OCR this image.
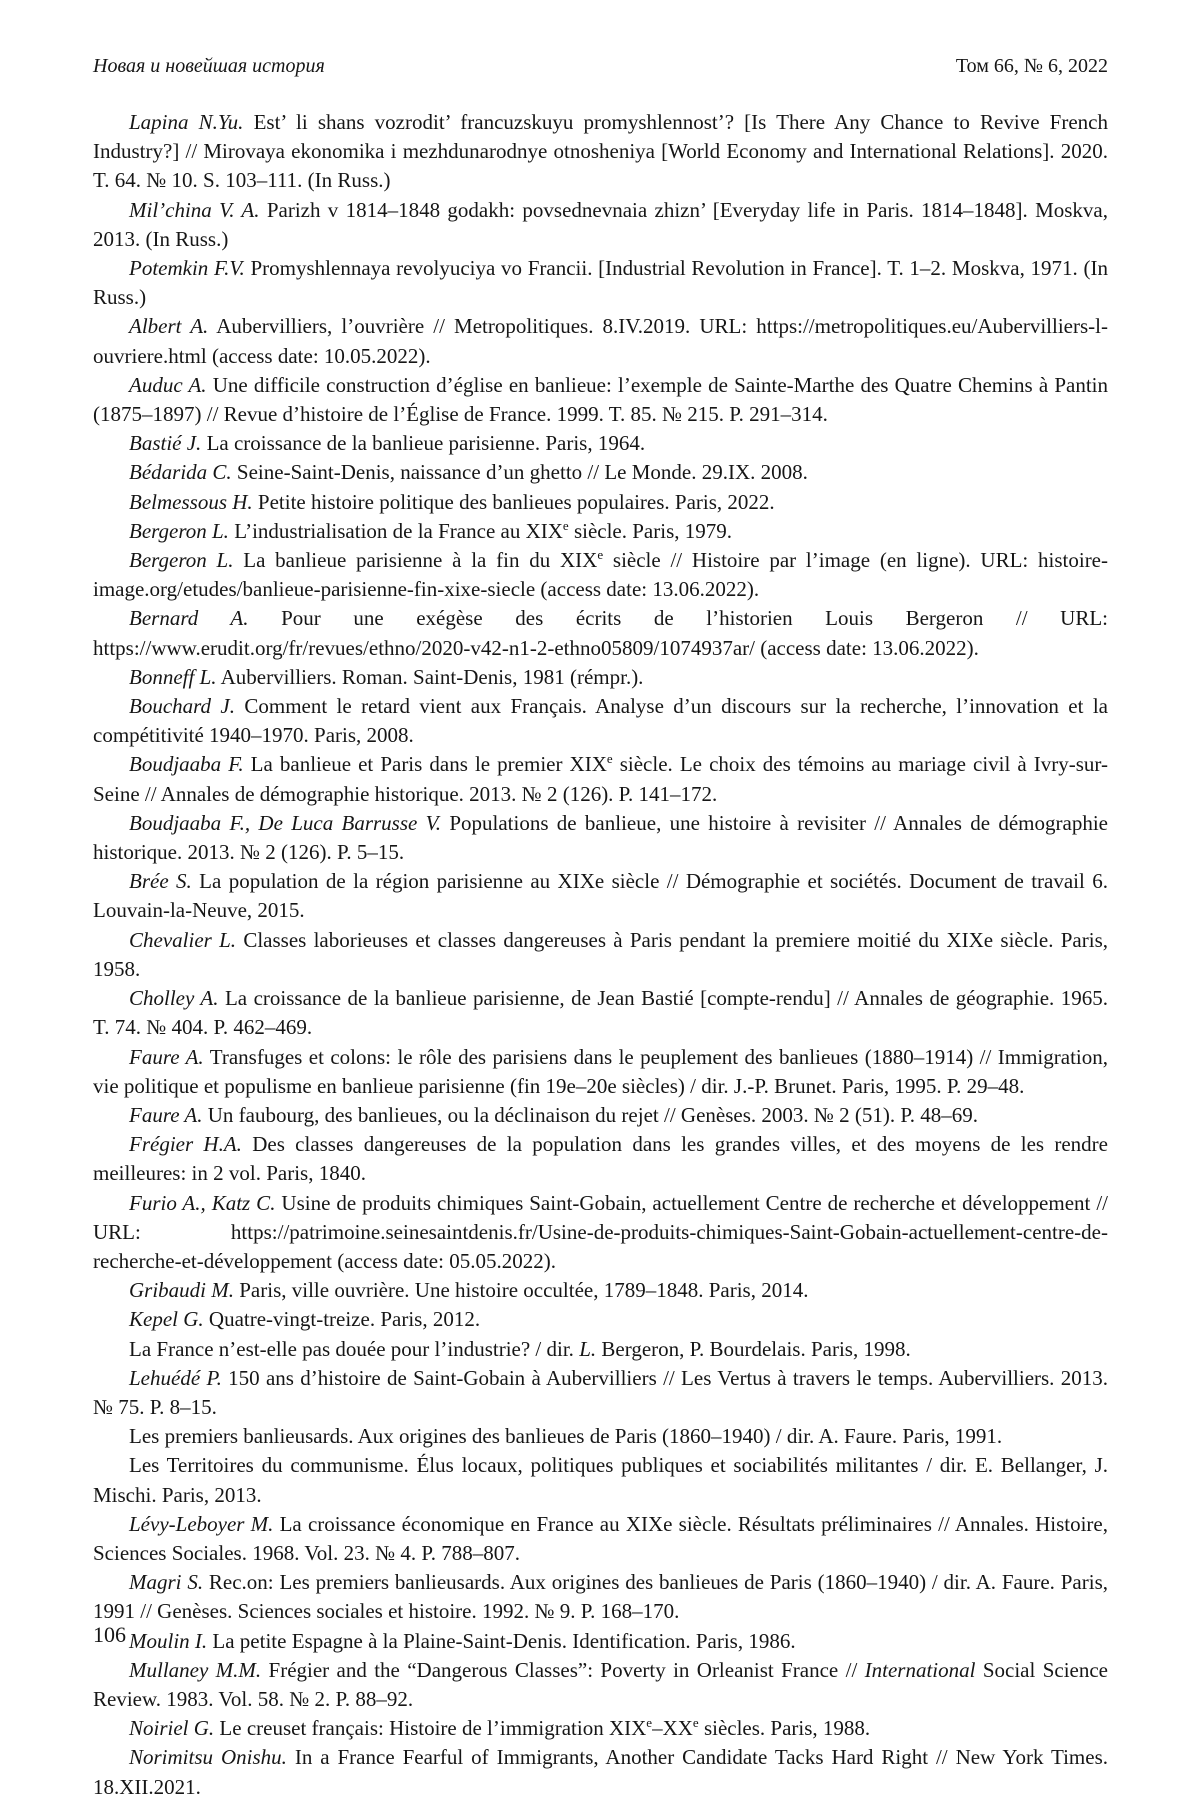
Новая и новейшая история	Том 66, № 6, 2022

Lapina N.Yu. Est’ li shans vozrodit’ francuzskuyu promyshlennost’? [Is There Any Chance to Revive French Industry?] // Mirovaya ekonomika i mezhdunarodnye otnosheniya [World Economy and International Relations]. 2020. T. 64. № 10. S. 103–111. (In Russ.)

Mil’china V. A. Parizh v 1814–1848 godakh: povsednevnaia zhizn’ [Everyday life in Paris. 1814–1848]. Moskva, 2013. (In Russ.)

Potemkin F.V. Promyshlennaya revolyuciya vo Francii. [Industrial Revolution in France]. T. 1–2. Moskva, 1971. (In Russ.)

Albert A. Aubervilliers, l’ouvrière // Metropolitiques. 8.IV.2019. URL: https://metropolitiques.eu/Aubervilliers-l-ouvriere.html (access date: 10.05.2022).

Auduc A. Une difficile construction d’église en banlieue: l’exemple de Sainte-Marthe des Quatre Chemins à Pantin (1875–1897) // Revue d’histoire de l’Église de France. 1999. T. 85. № 215. P. 291–314.

Bastié J. La croissance de la banlieue parisienne. Paris, 1964.

Bédarida C. Seine-Saint-Denis, naissance d’un ghetto // Le Monde. 29.IX. 2008.

Belmessous H. Petite histoire politique des banlieues populaires. Paris, 2022.

Bergeron L. L’industrialisation de la France au XIXe siècle. Paris, 1979.

Bergeron L. La banlieue parisienne à la fin du XIXe siècle // Histoire par l’image (en ligne). URL: histoire-image.org/etudes/banlieue-parisienne-fin-xixe-siecle (access date: 13.06.2022).

Bernard A. Pour une exégèse des écrits de l’historien Louis Bergeron // URL: https://www.erudit.org/fr/revues/ethno/2020-v42-n1-2-ethno05809/1074937ar/ (access date: 13.06.2022).

Bonneff L. Aubervilliers. Roman. Saint-Denis, 1981 (rémpr.).

Bouchard J. Comment le retard vient aux Français. Analyse d’un discours sur la recherche, l’innovation et la compétitivité 1940–1970. Paris, 2008.

Boudjaaba F. La banlieue et Paris dans le premier XIXe siècle. Le choix des témoins au mariage civil à Ivry-sur-Seine // Annales de démographie historique. 2013. № 2 (126). P. 141–172.

Boudjaaba F., De Luca Barrusse V. Populations de banlieue, une histoire à revisiter // Annales de démographie historique. 2013. № 2 (126). P. 5–15.

Brée S. La population de la région parisienne au XIXe siècle // Démographie et sociétés. Document de travail 6. Louvain-la-Neuve, 2015.

Chevalier L. Classes laborieuses et classes dangereuses à Paris pendant la premiere moitié du XIXe siècle. Paris, 1958.

Cholley A. La croissance de la banlieue parisienne, de Jean Bastié [compte-rendu] // Annales de géographie. 1965. T. 74. № 404. P. 462–469.

Faure A. Transfuges et colons: le rôle des parisiens dans le peuplement des banlieues (1880–1914) // Immigration, vie politique et populisme en banlieue parisienne (fin 19e–20e siècles) / dir. J.-P. Brunet. Paris, 1995. P. 29–48.

Faure A. Un faubourg, des banlieues, ou la déclinaison du rejet // Genèses. 2003. № 2 (51). P. 48–69.

Frégier H.A. Des classes dangereuses de la population dans les grandes villes, et des moyens de les rendre meilleures: in 2 vol. Paris, 1840.

Furio A., Katz C. Usine de produits chimiques Saint-Gobain, actuellement Centre de recherche et développement // URL: https://patrimoine.seinesaintdenis.fr/Usine-de-produits-chimiques-Saint-Gobain-actuellement-centre-de-recherche-et-développement (access date: 05.05.2022).

Gribaudi M. Paris, ville ouvrière. Une histoire occultée, 1789–1848. Paris, 2014.

Kepel G. Quatre-vingt-treize. Paris, 2012.

La France n’est-elle pas douée pour l’industrie? / dir. L. Bergeron, P. Bourdelais. Paris, 1998.

Lehuédé P. 150 ans d’histoire de Saint-Gobain à Aubervilliers // Les Vertus à travers le temps. Aubervilliers. 2013. № 75. P. 8–15.

Les premiers banlieusards. Aux origines des banlieues de Paris (1860–1940) / dir. A. Faure. Paris, 1991.

Les Territoires du communisme. Élus locaux, politiques publiques et sociabilités militantes / dir. E. Bellanger, J. Mischi. Paris, 2013.

Lévy-Leboyer M. La croissance économique en France au XIXe siècle. Résultats préliminaires // Annales. Histoire, Sciences Sociales. 1968. Vol. 23. № 4. P. 788–807.

Magri S. Rec.on: Les premiers banlieusards. Aux origines des banlieues de Paris (1860–1940) / dir. A. Faure. Paris, 1991 // Genèses. Sciences sociales et histoire. 1992. № 9. P. 168–170.

Moulin I. La petite Espagne à la Plaine-Saint-Denis. Identification. Paris, 1986.

Mullaney M.M. Frégier and the “Dangerous Classes”: Poverty in Orleanist France // International Social Science Review. 1983. Vol. 58. № 2. P. 88–92.

Noiriel G. Le creuset français: Histoire de l’immigration XIXe–XXe siècles. Paris, 1988.

Norimitsu Onishu. In a France Fearful of Immigrants, Another Candidate Tacks Hard Right // New York Times. 18.XII.2021.

106
